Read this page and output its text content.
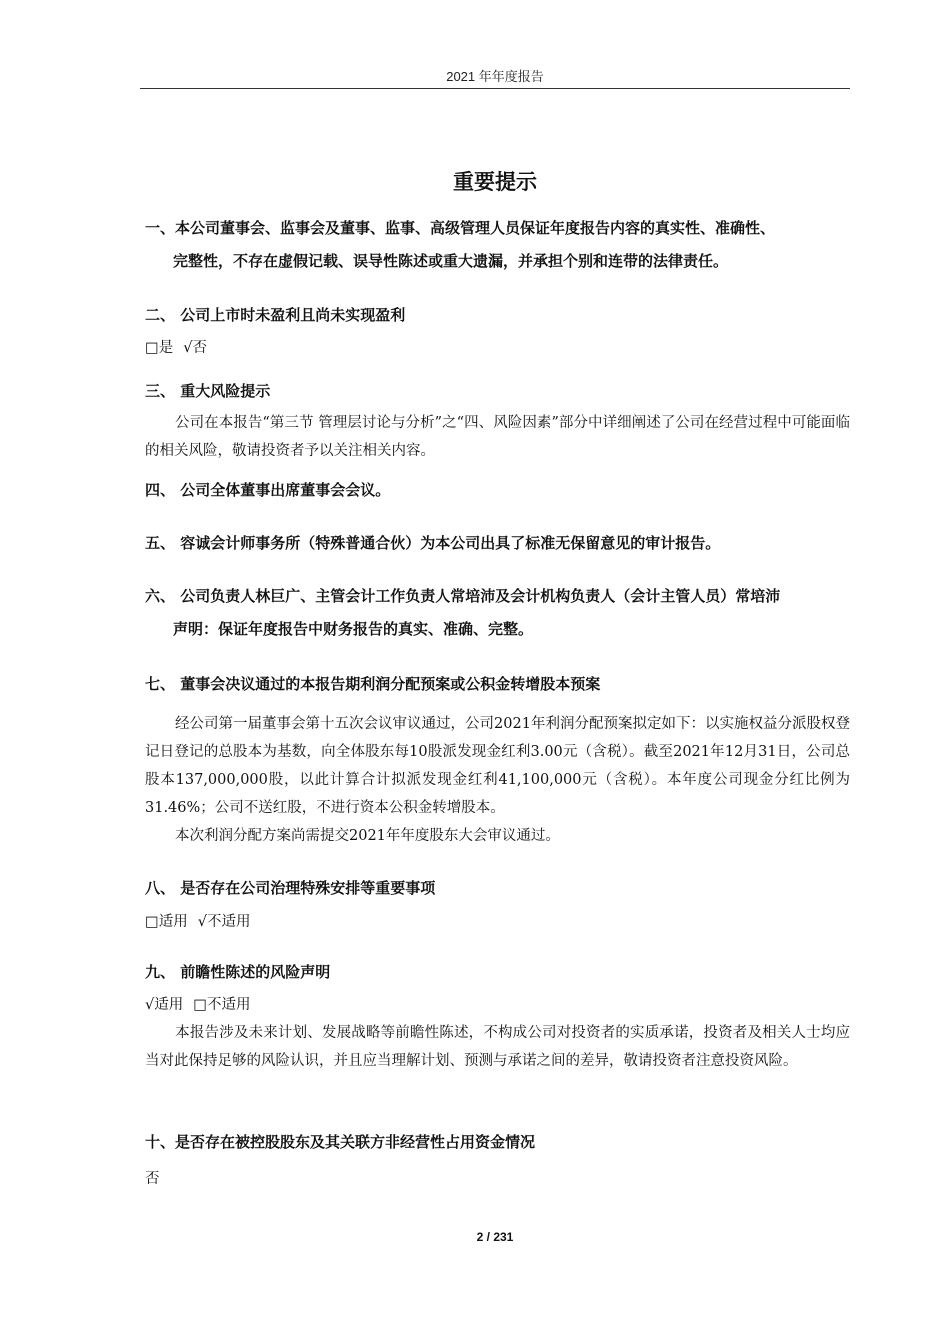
2021 年年度报告
重要提示
一、本公司董事会、监事会及董事、监事、高级管理人员保证年度报告内容的真实性、准确性、
完整性，不存在虚假记载、误导性陈述或重大遗漏，并承担个别和连带的法律责任。
二、 公司上市时未盈利且尚未实现盈利
□是 √否
三、 重大风险提示
公司在本报告“第三节 管理层讨论与分析”之“四、风险因素”部分中详细阐述了公司在经营过程中可能面临的相关风险，敬请投资者予以关注相关内容。
四、 公司全体董事出席董事会会议。
五、 容诚会计师事务所（特殊普通合伙）为本公司出具了标准无保留意见的审计报告。
六、 公司负责人林巨广、主管会计工作负责人常培沛及会计机构负责人（会计主管人员）常培沛
声明：保证年度报告中财务报告的真实、准确、完整。
七、 董事会决议通过的本报告期利润分配预案或公积金转增股本预案
经公司第一届董事会第十五次会议审议通过，公司2021年利润分配预案拟定如下：以实施权益分派股权登记日登记的总股本为基数，向全体股东每10股派发现金红利3.00元（含税）。截至2021年12月31日，公司总股本137,000,000股，以此计算合计拟派发现金红利41,100,000元（含税）。本年度公司现金分红比例为31.46%；公司不送红股，不进行资本公积金转增股本。
本次利润分配方案尚需提交2021年年度股东大会审议通过。
八、 是否存在公司治理特殊安排等重要事项
□适用 √不适用
九、 前瞻性陈述的风险声明
√适用 □不适用
本报告涉及未来计划、发展战略等前瞻性陈述，不构成公司对投资者的实质承诺，投资者及相关人士均应当对此保持足够的风险认识，并且应当理解计划、预测与承诺之间的差异，敬请投资者注意投资风险。
十、是否存在被控股股东及其关联方非经营性占用资金情况
否
2 / 231
